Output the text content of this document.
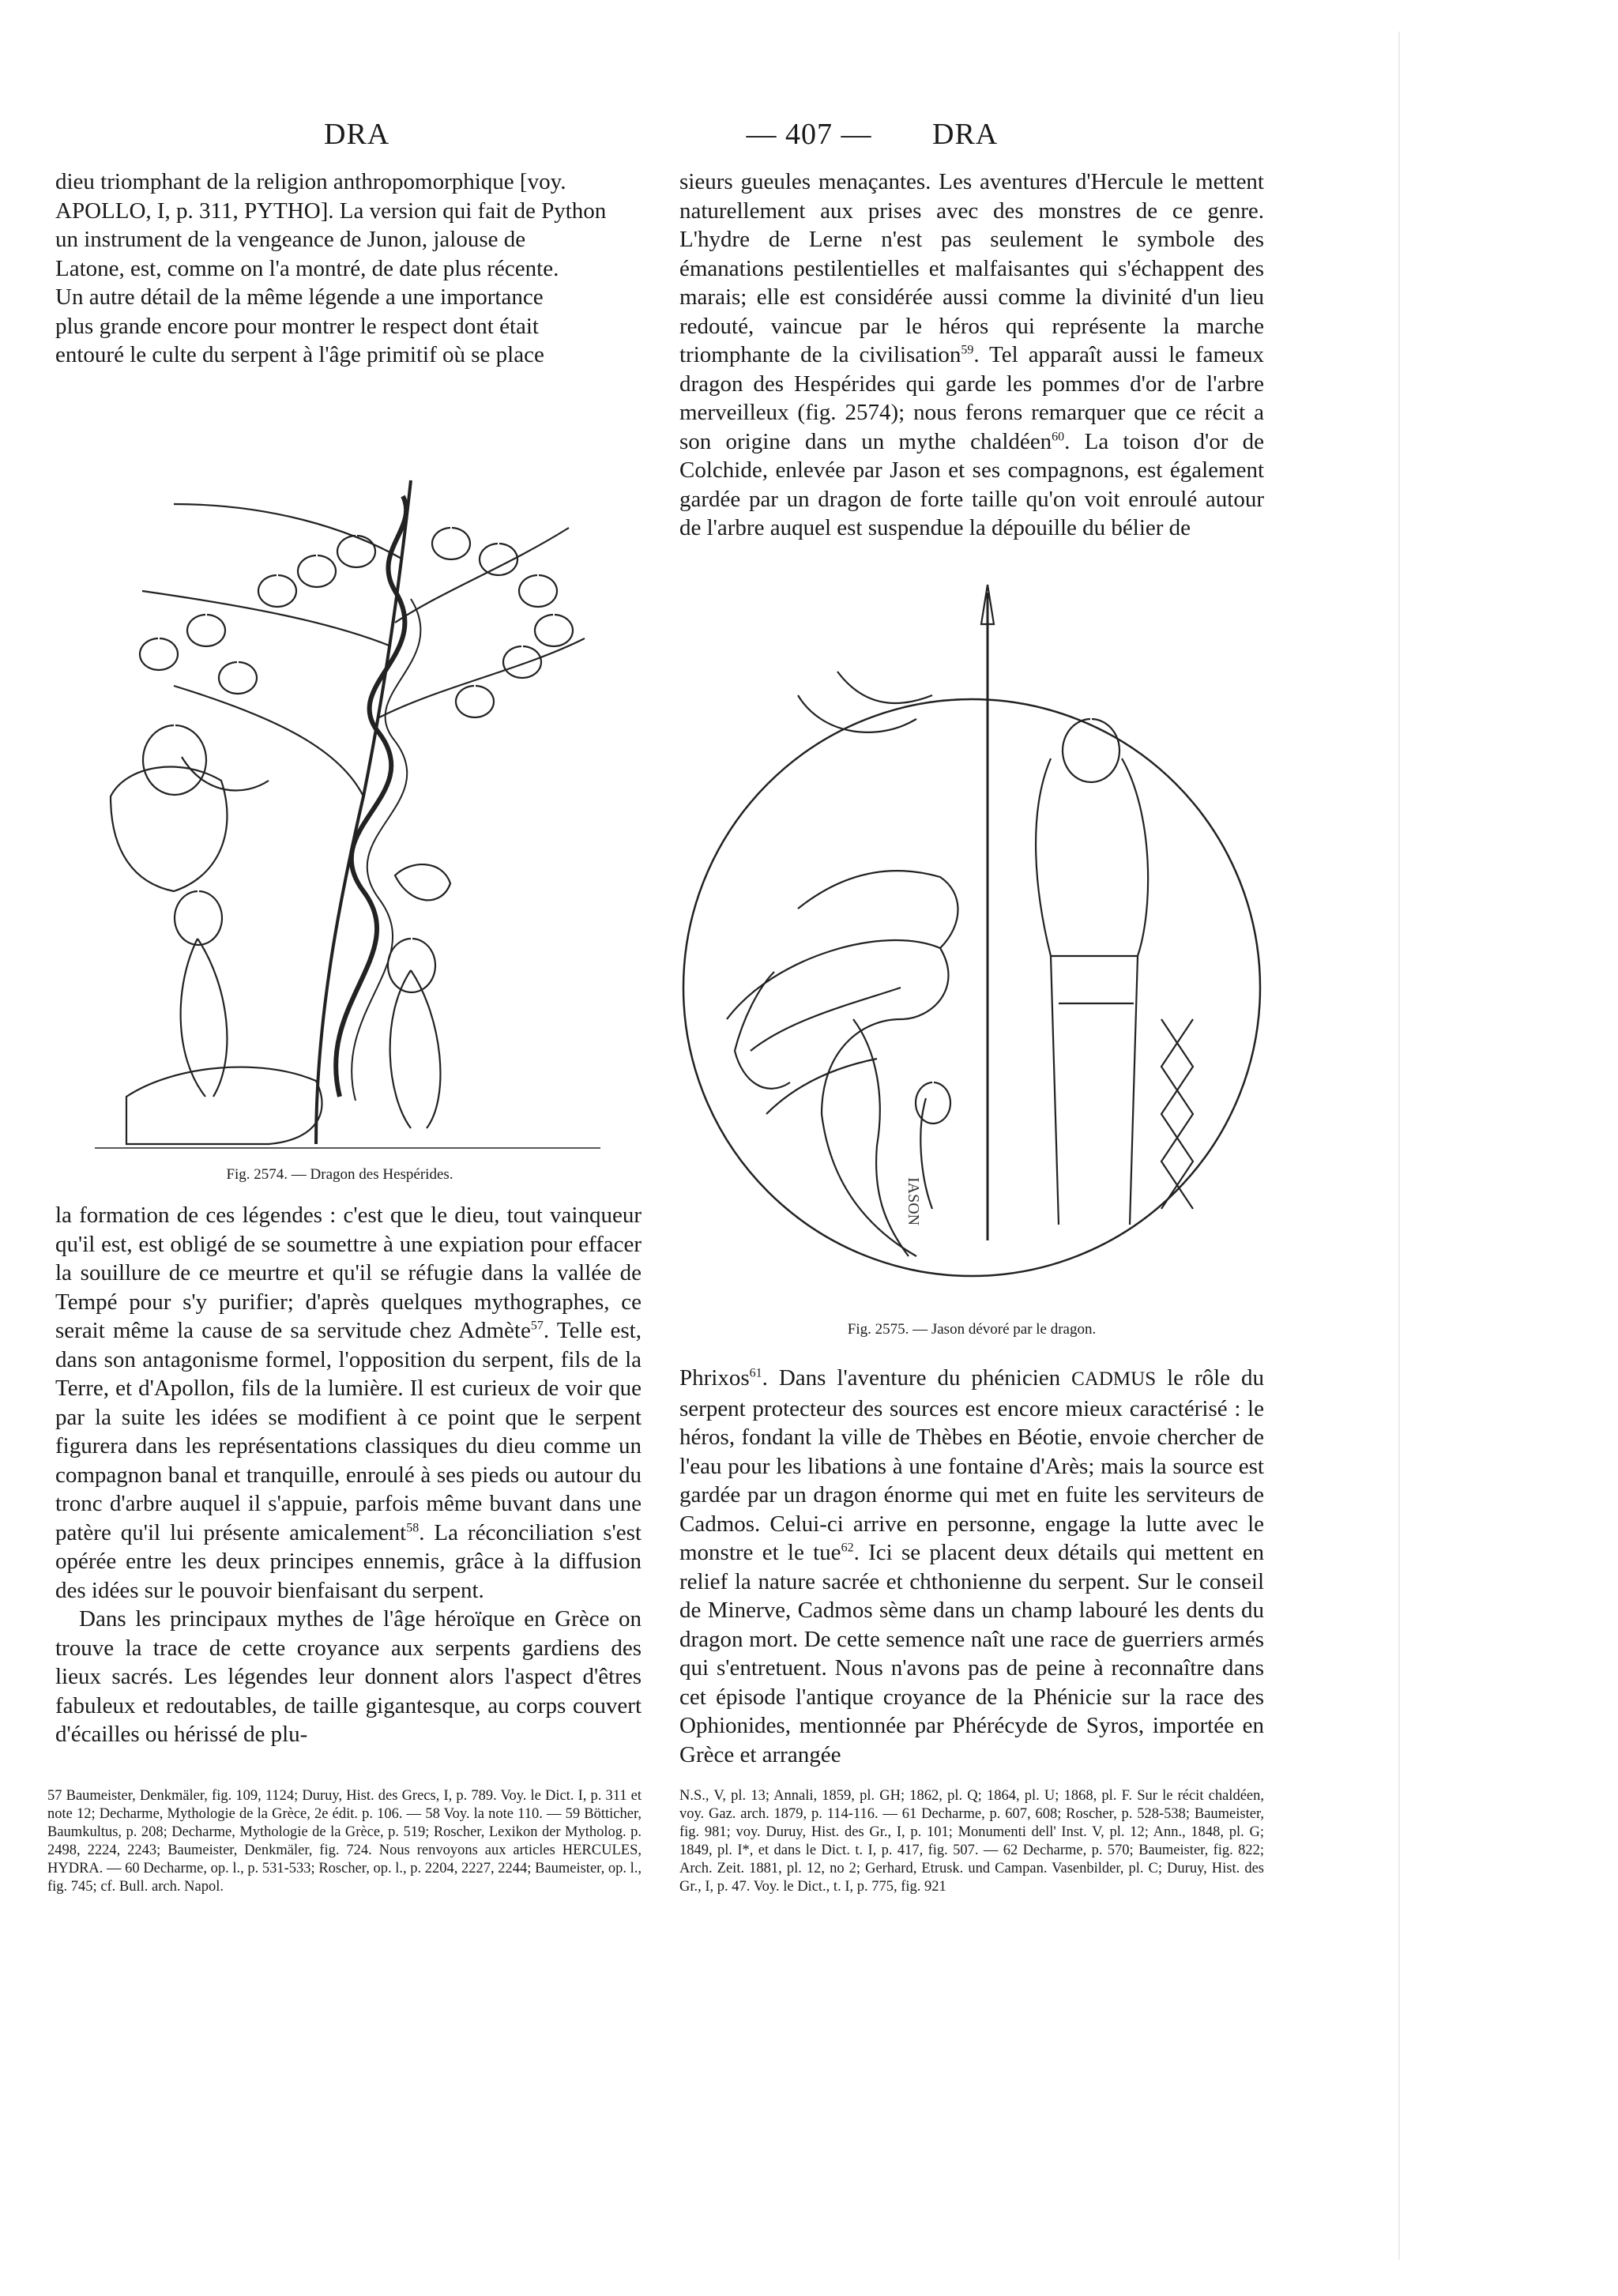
DRA	— 407 —	DRA
dieu triomphant de la religion anthropomorphique [voy.
APOLLO, I, p. 311, PYTHO]. La version qui fait de Python
un instrument de la vengeance de Junon, jalouse de
Latone, est, comme on l'a montré, de date plus récente.
Un autre détail de la même légende a une importance
plus grande encore pour montrer le respect dont était
entouré le culte du serpent à l'âge primitif où se place
Fig. 2574. — Dragon des Hespérides.

la formation de ces légendes : c'est que le dieu, tout vainqueur qu'il est, est obligé de se soumettre à une expiation pour effacer la souillure de ce meurtre et qu'il se réfugie dans la vallée de Tempé pour s'y purifier; d'après quelques mythographes, ce serait même la cause de sa servitude chez Admète$^{57}$. Telle est, dans son antagonisme formel, l'opposition du serpent, fils de la Terre, et d'Apollon, fils de la lumière. Il est curieux de voir que par la suite les idées se modifient à ce point que le serpent figurera dans les représentations classiques du dieu comme un compagnon banal et tranquille, enroulé à ses pieds ou autour du tronc d'arbre auquel il s'appuie, parfois même buvant dans une patère qu'il lui présente amicalement$^{58}$. La réconciliation s'est opérée entre les deux principes ennemis, grâce à la diffusion des idées sur le pouvoir bienfaisant du serpent.

Dans les principaux mythes de l'âge héroïque en Grèce on trouve la trace de cette croyance aux serpents gardiens des lieux sacrés. Les légendes leur donnent alors l'aspect d'êtres fabuleux et redoutables, de taille gigantesque, au corps couvert d'écailles ou hérissé de plu-

sieurs gueules menaçantes. Les aventures d'Hercule le mettent naturellement aux prises avec des monstres de ce genre. L'hydre de Lerne n'est pas seulement le symbole des émanations pestilentielles et malfaisantes qui s'échappent des marais; elle est considérée aussi comme la divinité d'un lieu redouté, vaincue par le héros qui représente la marche triomphante de la civilisation$^{59}$. Tel apparaît aussi le fameux dragon des Hespérides qui garde les pommes d'or de l'arbre merveilleux (fig. 2574); nous ferons remarquer que ce récit a son origine dans un mythe chaldéen$^{60}$. La toison d'or de Colchide, enlevée par Jason et ses compagnons, est également gardée par un dragon de forte taille qu'on voit enroulé autour de l'arbre auquel est suspendue la dépouille du bélier de

IASON
Fig. 2575. — Jason dévoré par le dragon.

Phrixos$^{61}$. Dans l'aventure du phénicien CADMUS le rôle du serpent protecteur des sources est encore mieux caractérisé : le héros, fondant la ville de Thèbes en Béotie, envoie chercher de l'eau pour les libations à une fontaine d'Arès; mais la source est gardée par un dragon énorme qui met en fuite les serviteurs de Cadmos. Celui-ci arrive en personne, engage la lutte avec le monstre et le tue$^{62}$. Ici se placent deux détails qui mettent en relief la nature sacrée et chthonienne du serpent. Sur le conseil de Minerve, Cadmos sème dans un champ labouré les dents du dragon mort. De cette semence naît une race de guerriers armés qui s'entretuent. Nous n'avons pas de peine à reconnaître dans cet épisode l'antique croyance de la Phénicie sur la race des Ophionides, mentionnée par Phérécyde de Syros, importée en Grèce et arrangée

57 Baumeister, Denkmäler, fig. 109, 1124; Duruy, Hist. des Grecs, I, p. 789. Voy. le Dict. I, p. 311 et note 12; Decharme, Mythologie de la Grèce, 2e édit. p. 106. — 58 Voy. la note 110. — 59 Bötticher, Baumkultus, p. 208; Decharme, Mythologie de la Grèce, p. 519; Roscher, Lexikon der Mytholog. p. 2498, 2224, 2243; Baumeister, Denkmäler, fig. 724. Nous renvoyons aux articles HERCULES, HYDRA. — 60 Decharme, op. l., p. 531-533; Roscher, op. l., p. 2204, 2227, 2244; Baumeister, op. l., fig. 745; cf. Bull. arch. Napol.

N.S., V, pl. 13; Annali, 1859, pl. GH; 1862, pl. Q; 1864, pl. U; 1868, pl. F. Sur le récit chaldéen, voy. Gaz. arch. 1879, p. 114-116. — 61 Decharme, p. 607, 608; Roscher, p. 528-538; Baumeister, fig. 981; voy. Duruy, Hist. des Gr., I, p. 101; Monumenti dell' Inst. V, pl. 12; Ann., 1848, pl. G; 1849, pl. I*, et dans le Dict. t. I, p. 417, fig. 507. — 62 Decharme, p. 570; Baumeister, fig. 822; Arch. Zeit. 1881, pl. 12, no 2; Gerhard, Etrusk. und Campan. Vasenbilder, pl. C; Duruy, Hist. des Gr., I, p. 47. Voy. le Dict., t. I, p. 775, fig. 921
